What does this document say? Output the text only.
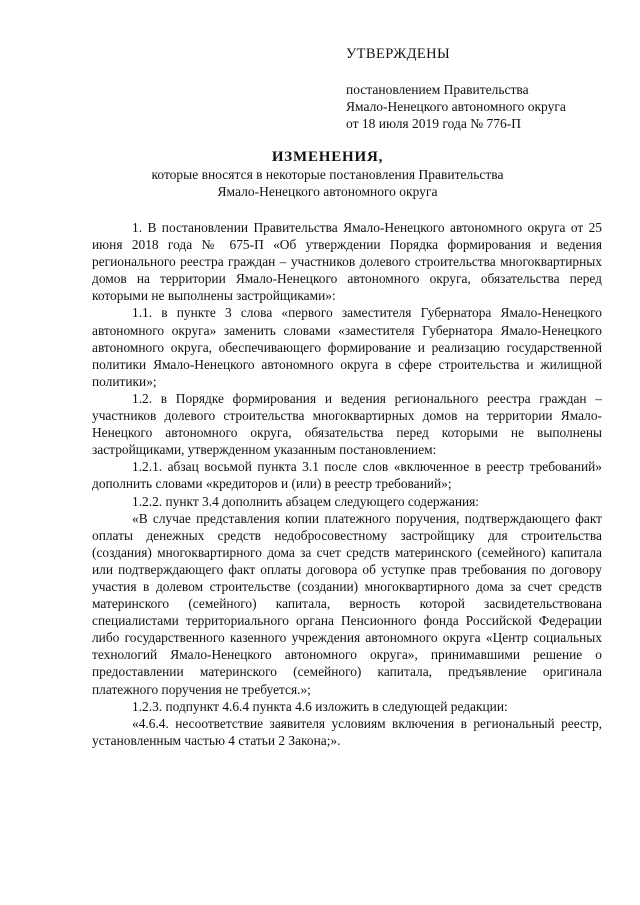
УТВЕРЖДЕНЫ
постановлением Правительства
Ямало-Ненецкого автономного округа
от 18 июля 2019 года № 776-П
ИЗМЕНЕНИЯ,
которые вносятся в некоторые постановления Правительства
Ямало-Ненецкого автономного округа

1. В постановлении Правительства Ямало-Ненецкого автономного округа от 25 июня 2018 года № 675-П «Об утверждении Порядка формирования и ведения регионального реестра граждан – участников долевого строительства многоквартирных домов на территории Ямало-Ненецкого автономного округа, обязательства перед которыми не выполнены застройщиками»:

1.1. в пункте 3 слова «первого заместителя Губернатора Ямало-Ненецкого автономного округа» заменить словами «заместителя Губернатора Ямало-Ненецкого автономного округа, обеспечивающего формирование и реализацию государственной политики Ямало-Ненецкого автономного округа в сфере строительства и жилищной политики»;

1.2. в Порядке формирования и ведения регионального реестра граждан – участников долевого строительства многоквартирных домов на территории Ямало-Ненецкого автономного округа, обязательства перед которыми не выполнены застройщиками, утвержденном указанным постановлением:

1.2.1. абзац восьмой пункта 3.1 после слов «включенное в реестр требований» дополнить словами «кредиторов и (или) в реестр требований»;

1.2.2. пункт 3.4 дополнить абзацем следующего содержания:

«В случае представления копии платежного поручения, подтверждающего факт оплаты денежных средств недобросовестному застройщику для строительства (создания) многоквартирного дома за счет средств материнского (семейного) капитала или подтверждающего факт оплаты договора об уступке прав требования по договору участия в долевом строительстве (создании) многоквартирного дома за счет средств материнского (семейного) капитала, верность которой засвидетельствована специалистами территориального органа Пенсионного фонда Российской Федерации либо государственного казенного учреждения автономного округа «Центр социальных технологий Ямало-Ненецкого автономного округа», принимавшими решение о предоставлении материнского (семейного) капитала, предъявление оригинала платежного поручения не требуется.»;

1.2.3. подпункт 4.6.4 пункта 4.6 изложить в следующей редакции:

«4.6.4. несоответствие заявителя условиям включения в региональный реестр, установленным частью 4 статьи 2 Закона;».
